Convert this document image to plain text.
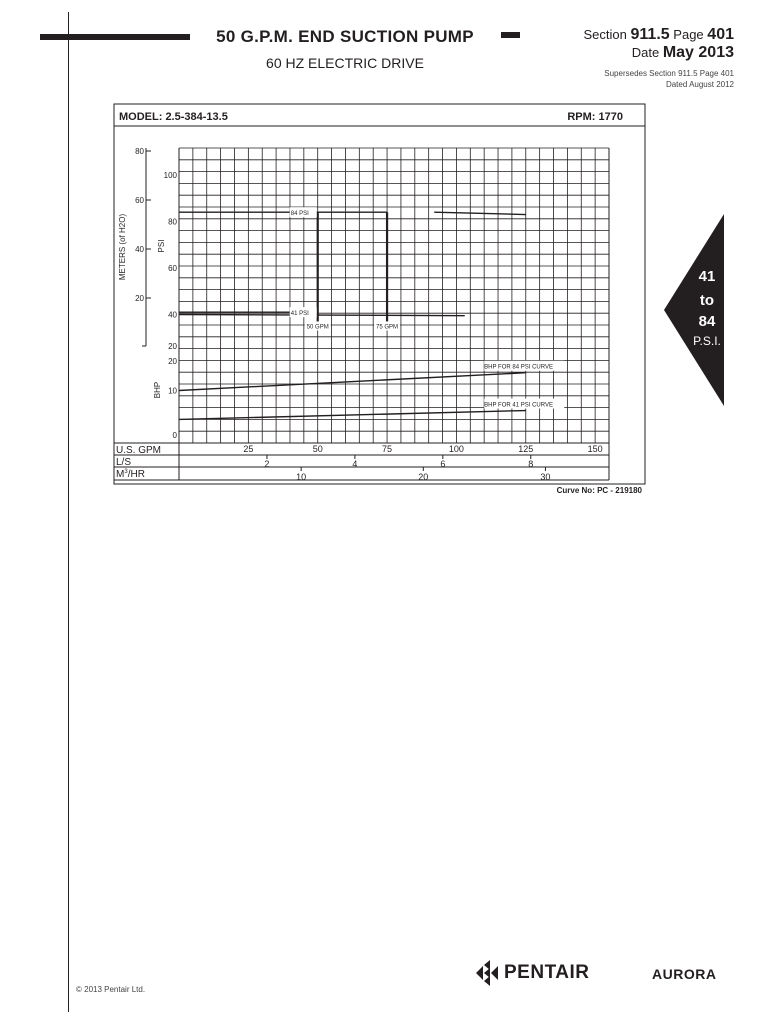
50 G.P.M. END SUCTION PUMP
60 HZ ELECTRIC DRIVE
Section 911.5 Page 401
Date May 2013
Supersedes Section 911.5 Page 401
Dated August 2012
41
to
84
P.S.I.
MODEL: 2.5-384-13.5	RPM: 1770
U.S. GPM
L/S
$M^3/HR$
25	50	75	100	125	150
2	4	6	8
10	20	30
Curve No: PC - 219180
20
40
60
80
METERS (of H2O)
20
40
60
80
100
PSI
0
10
20
BHP
84 PSI
41 PSI
BHP FOR 84 PSI CURVE
BHP FOR 41 PSI CURVE
50 GPM	75 GPM
© 2013 Pentair Ltd.
PENTAIR	AURORA
